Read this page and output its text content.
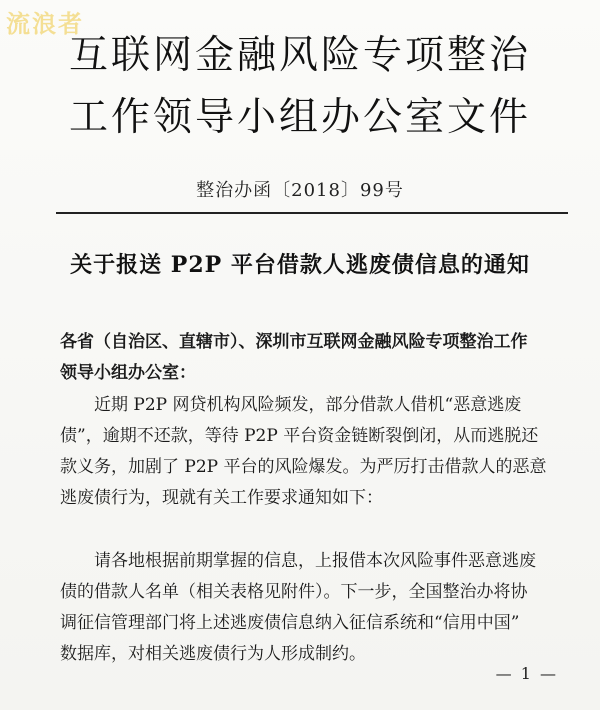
流浪者
互联网金融风险专项整治
工作领导小组办公室文件
整治办函〔2018〕99号
关于报送 P2P 平台借款人逃废债信息的通知
各省（自治区、直辖市）、深圳市互联网金融风险专项整治工作
领导小组办公室：
近期 P2P 网贷机构风险频发，部分借款人借机“恶意逃废
债”，逾期不还款，等待 P2P 平台资金链断裂倒闭，从而逃脱还
款义务，加剧了 P2P 平台的风险爆发。为严厉打击借款人的恶意
逃废债行为，现就有关工作要求通知如下：
请各地根据前期掌握的信息，上报借本次风险事件恶意逃废
债的借款人名单（相关表格见附件）。下一步，全国整治办将协
调征信管理部门将上述逃废债信息纳入征信系统和“信用中国”
数据库，对相关逃废债行为人形成制约。
— 1 —
